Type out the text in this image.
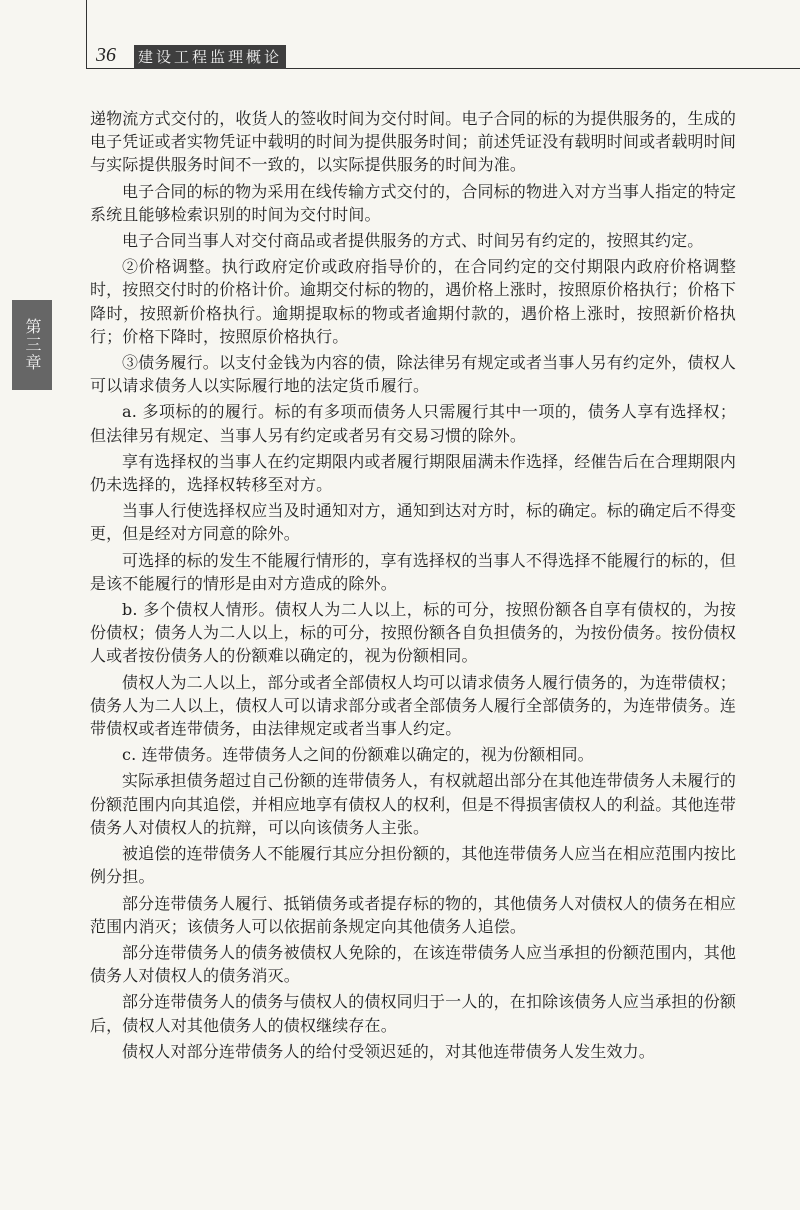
36 建设工程监理概论
第三章

递物流方式交付的，收货人的签收时间为交付时间。电子合同的标的为提供服务的，生成的电子凭证或者实物凭证中载明的时间为提供服务时间；前述凭证没有载明时间或者载明时间与实际提供服务时间不一致的，以实际提供服务的时间为准。

电子合同的标的物为采用在线传输方式交付的，合同标的物进入对方当事人指定的特定系统且能够检索识别的时间为交付时间。

电子合同当事人对交付商品或者提供服务的方式、时间另有约定的，按照其约定。

②价格调整。执行政府定价或政府指导价的，在合同约定的交付期限内政府价格调整时，按照交付时的价格计价。逾期交付标的物的，遇价格上涨时，按照原价格执行；价格下降时，按照新价格执行。逾期提取标的物或者逾期付款的，遇价格上涨时，按照新价格执行；价格下降时，按照原价格执行。

③债务履行。以支付金钱为内容的债，除法律另有规定或者当事人另有约定外，债权人可以请求债务人以实际履行地的法定货币履行。

a. 多项标的的履行。标的有多项而债务人只需履行其中一项的，债务人享有选择权；但法律另有规定、当事人另有约定或者另有交易习惯的除外。

享有选择权的当事人在约定期限内或者履行期限届满未作选择，经催告后在合理期限内仍未选择的，选择权转移至对方。

当事人行使选择权应当及时通知对方，通知到达对方时，标的确定。标的确定后不得变更，但是经对方同意的除外。

可选择的标的发生不能履行情形的，享有选择权的当事人不得选择不能履行的标的，但是该不能履行的情形是由对方造成的除外。

b. 多个债权人情形。债权人为二人以上，标的可分，按照份额各自享有债权的，为按份债权；债务人为二人以上，标的可分，按照份额各自负担债务的，为按份债务。按份债权人或者按份债务人的份额难以确定的，视为份额相同。

债权人为二人以上，部分或者全部债权人均可以请求债务人履行债务的，为连带债权；债务人为二人以上，债权人可以请求部分或者全部债务人履行全部债务的，为连带债务。连带债权或者连带债务，由法律规定或者当事人约定。

c. 连带债务。连带债务人之间的份额难以确定的，视为份额相同。

实际承担债务超过自己份额的连带债务人，有权就超出部分在其他连带债务人未履行的份额范围内向其追偿，并相应地享有债权人的权利，但是不得损害债权人的利益。其他连带债务人对债权人的抗辩，可以向该债务人主张。

被追偿的连带债务人不能履行其应分担份额的，其他连带债务人应当在相应范围内按比例分担。

部分连带债务人履行、抵销债务或者提存标的物的，其他债务人对债权人的债务在相应范围内消灭；该债务人可以依据前条规定向其他债务人追偿。

部分连带债务人的债务被债权人免除的，在该连带债务人应当承担的份额范围内，其他债务人对债权人的债务消灭。

部分连带债务人的债务与债权人的债权同归于一人的，在扣除该债务人应当承担的份额后，债权人对其他债务人的债权继续存在。

债权人对部分连带债务人的给付受领迟延的，对其他连带债务人发生效力。
